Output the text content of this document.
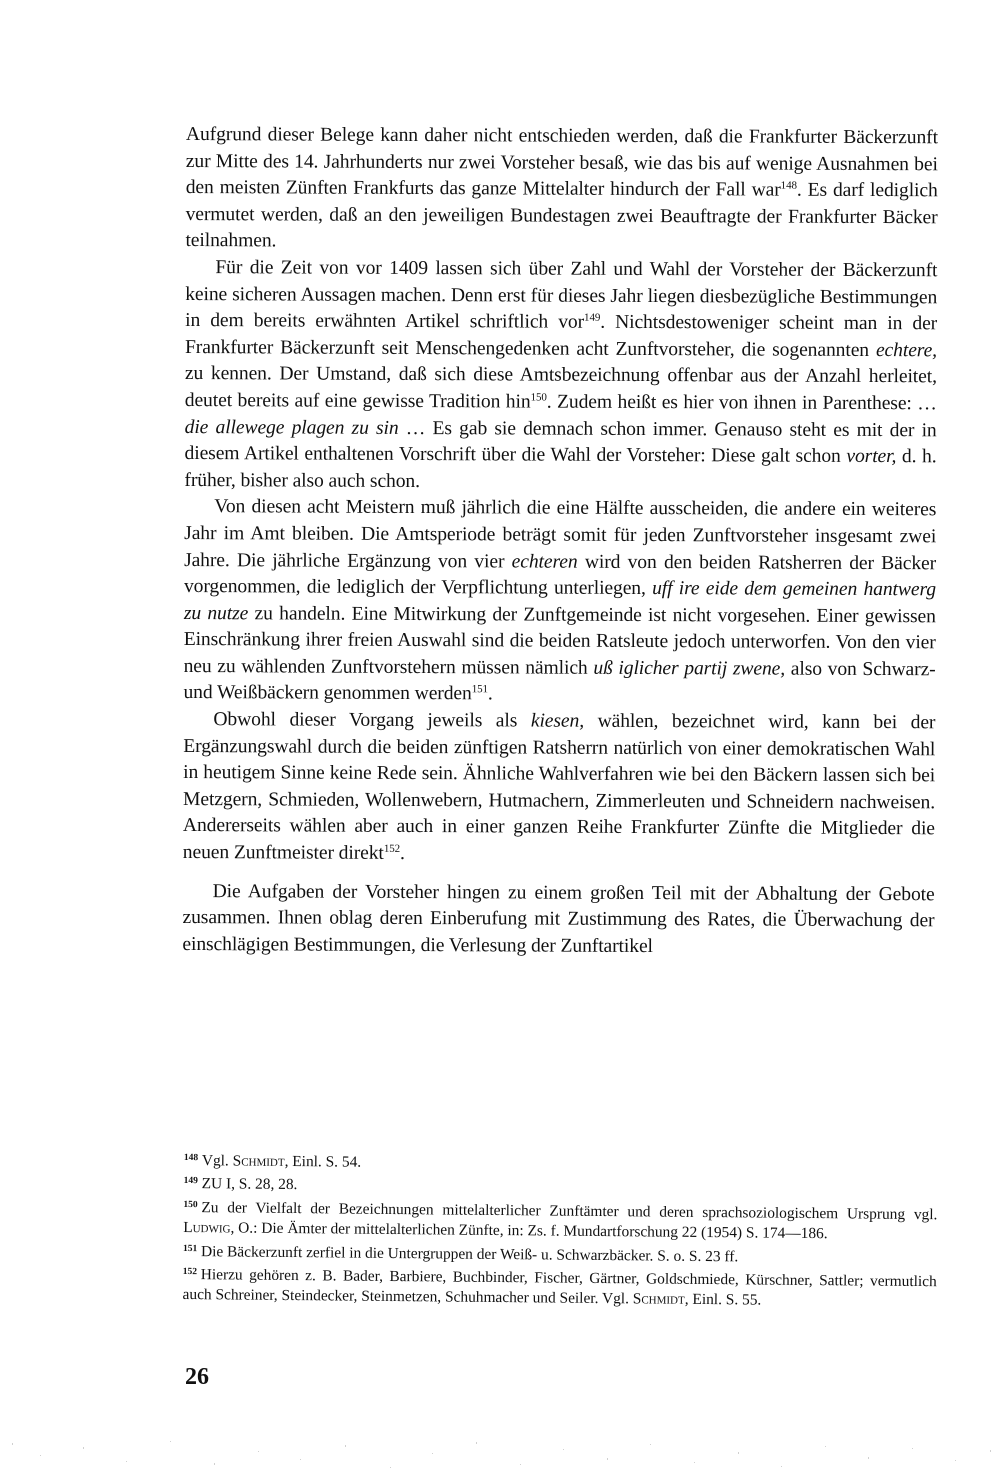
Aufgrund dieser Belege kann daher nicht entschieden werden, daß die Frankfurter Bäckerzunft zur Mitte des 14. Jahrhunderts nur zwei Vorsteher besaß, wie das bis auf wenige Ausnahmen bei den meisten Zünften Frankfurts das ganze Mittelalter hindurch der Fall war$^{148}$. Es darf lediglich vermutet werden, daß an den jeweiligen Bundestagen zwei Beauftragte der Frankfurter Bäcker teilnahmen.

Für die Zeit von vor 1409 lassen sich über Zahl und Wahl der Vorsteher der Bäckerzunft keine sicheren Aussagen machen. Denn erst für dieses Jahr liegen diesbezügliche Bestimmungen in dem bereits erwähnten Artikel schriftlich vor$^{149}$. Nichtsdestoweniger scheint man in der Frankfurter Bäckerzunft seit Menschengedenken acht Zunftvorsteher, die sogenannten echtere, zu kennen. Der Umstand, daß sich diese Amtsbezeichnung offenbar aus der Anzahl herleitet, deutet bereits auf eine gewisse Tradition hin$^{150}$. Zudem heißt es hier von ihnen in Parenthese: … die allewege plagen zu sin … Es gab sie demnach schon immer. Genauso steht es mit der in diesem Artikel enthaltenen Vorschrift über die Wahl der Vorsteher: Diese galt schon vorter, d. h. früher, bisher also auch schon.

Von diesen acht Meistern muß jährlich die eine Hälfte ausscheiden, die andere ein weiteres Jahr im Amt bleiben. Die Amtsperiode beträgt somit für jeden Zunftvorsteher insgesamt zwei Jahre. Die jährliche Ergänzung von vier echteren wird von den beiden Ratsherren der Bäcker vorgenommen, die lediglich der Verpflichtung unterliegen, uff ire eide dem gemeinen hantwerg zu nutze zu handeln. Eine Mitwirkung der Zunftgemeinde ist nicht vorgesehen. Einer gewissen Einschränkung ihrer freien Auswahl sind die beiden Ratsleute jedoch unterworfen. Von den vier neu zu wählenden Zunftvorstehern müssen nämlich uß iglicher partij zwene, also von Schwarz- und Weißbäckern genommen werden$^{151}$.

Obwohl dieser Vorgang jeweils als kiesen, wählen, bezeichnet wird, kann bei der Ergänzungswahl durch die beiden zünftigen Ratsherrn natürlich von einer demokratischen Wahl in heutigem Sinne keine Rede sein. Ähnliche Wahlverfahren wie bei den Bäckern lassen sich bei Metzgern, Schmieden, Wollenwebern, Hutmachern, Zimmerleuten und Schneidern nachweisen. Andererseits wählen aber auch in einer ganzen Reihe Frankfurter Zünfte die Mitglieder die neuen Zunftmeister direkt$^{152}$.

Die Aufgaben der Vorsteher hingen zu einem großen Teil mit der Abhaltung der Gebote zusammen. Ihnen oblag deren Einberufung mit Zustimmung des Rates, die Überwachung der einschlägigen Bestimmungen, die Verlesung der Zunftartikel

148 Vgl. Schmidt, Einl. S. 54.

149 ZU I, S. 28, 28.

150 Zu der Vielfalt der Bezeichnungen mittelalterlicher Zunftämter und deren sprachsoziologischem Ursprung vgl. Ludwig, O.: Die Ämter der mittelalterlichen Zünfte, in: Zs. f. Mundartforschung 22 (1954) S. 174—186.

151 Die Bäckerzunft zerfiel in die Untergruppen der Weiß- u. Schwarzbäcker. S. o. S. 23 ff.

152 Hierzu gehören z. B. Bader, Barbiere, Buchbinder, Fischer, Gärtner, Goldschmiede, Kürschner, Sattler; vermutlich auch Schreiner, Steindecker, Steinmetzen, Schuhmacher und Seiler. Vgl. Schmidt, Einl. S. 55.

26
